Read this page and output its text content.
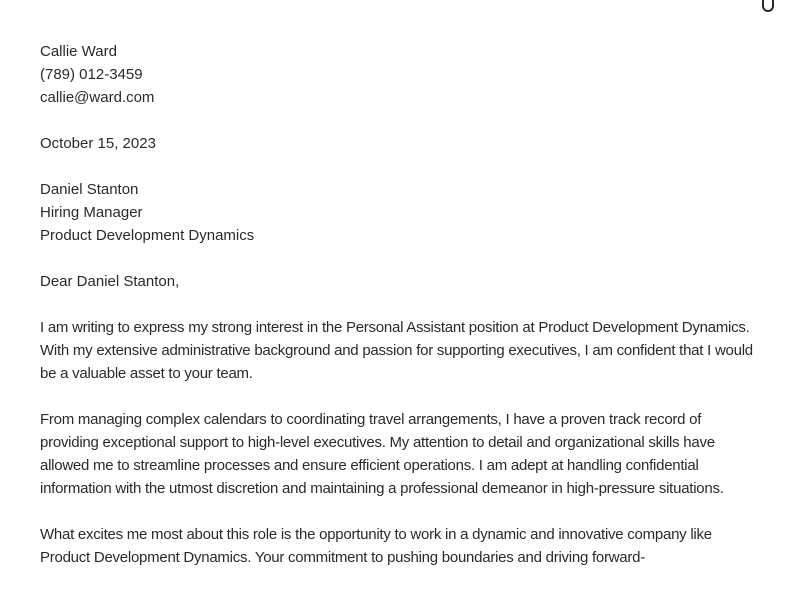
Callie Ward
(789) 012-3459
callie@ward.com
October 15, 2023
Daniel Stanton
Hiring Manager
Product Development Dynamics
Dear Daniel Stanton,

I am writing to express my strong interest in the Personal Assistant position at Product Development Dynamics. With my extensive administrative background and passion for supporting executives, I am confident that I would be a valuable asset to your team.

From managing complex calendars to coordinating travel arrangements, I have a proven track record of providing exceptional support to high-level executives. My attention to detail and organizational skills have allowed me to streamline processes and ensure efficient operations. I am adept at handling confidential information with the utmost discretion and maintaining a professional demeanor in high-pressure situations.

What excites me most about this role is the opportunity to work in a dynamic and innovative company like Product Development Dynamics. Your commitment to pushing boundaries and driving forward-
